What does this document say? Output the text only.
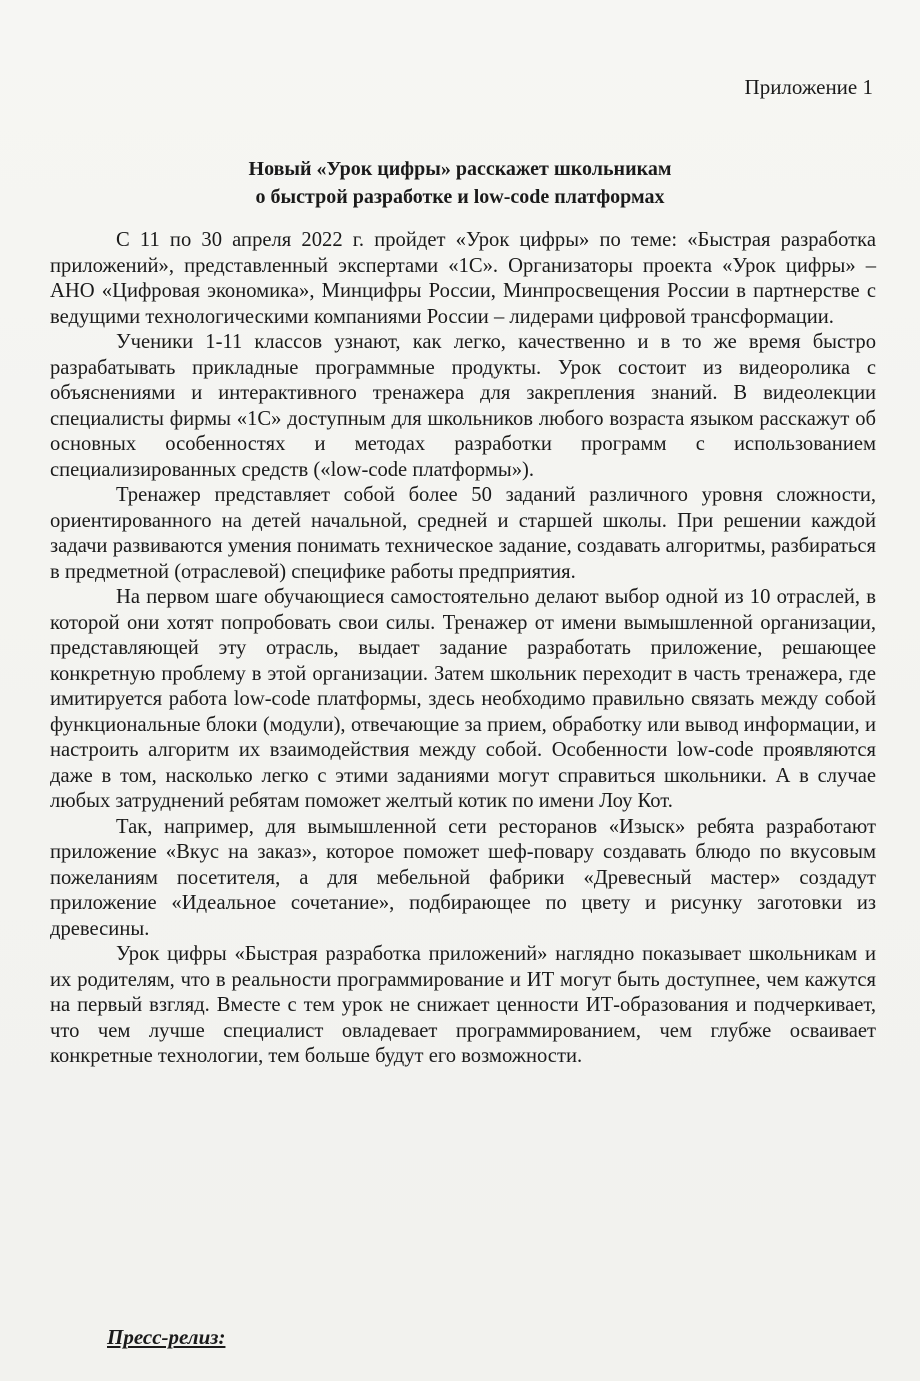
Приложение 1
Новый «Урок цифры» расскажет школьникам
о быстрой разработке и low-code платформах

С 11 по 30 апреля 2022 г. пройдет «Урок цифры» по теме: «Быстрая разработка приложений», представленный экспертами «1С». Организаторы проекта «Урок цифры» – АНО «Цифровая экономика», Минцифры России, Минпросвещения России в партнерстве с ведущими технологическими компаниями России – лидерами цифровой трансформации.

Ученики 1-11 классов узнают, как легко, качественно и в то же время быстро разрабатывать прикладные программные продукты. Урок состоит из видеоролика с объяснениями и интерактивного тренажера для закрепления знаний. В видеолекции специалисты фирмы «1С» доступным для школьников любого возраста языком расскажут об основных особенностях и методах разработки программ с использованием специализированных средств («low-code платформы»).

Тренажер представляет собой более 50 заданий различного уровня сложности, ориентированного на детей начальной, средней и старшей школы. При решении каждой задачи развиваются умения понимать техническое задание, создавать алгоритмы, разбираться в предметной (отраслевой) специфике работы предприятия.

На первом шаге обучающиеся самостоятельно делают выбор одной из 10 отраслей, в которой они хотят попробовать свои силы. Тренажер от имени вымышленной организации, представляющей эту отрасль, выдает задание разработать приложение, решающее конкретную проблему в этой организации. Затем школьник переходит в часть тренажера, где имитируется работа low-code платформы, здесь необходимо правильно связать между собой функциональные блоки (модули), отвечающие за прием, обработку или вывод информации, и настроить алгоритм их взаимодействия между собой. Особенности low-code проявляются даже в том, насколько легко с этими заданиями могут справиться школьники. А в случае любых затруднений ребятам поможет желтый котик по имени Лоу Кот.

Так, например, для вымышленной сети ресторанов «Изыск» ребята разработают приложение «Вкус на заказ», которое поможет шеф-повару создавать блюдо по вкусовым пожеланиям посетителя, а для мебельной фабрики «Древесный мастер» создадут приложение «Идеальное сочетание», подбирающее по цвету и рисунку заготовки из древесины.

Урок цифры «Быстрая разработка приложений» наглядно показывает школьникам и их родителям, что в реальности программирование и ИТ могут быть доступнее, чем кажутся на первый взгляд. Вместе с тем урок не снижает ценности ИТ-образования и подчеркивает, что чем лучше специалист овладевает программированием, чем глубже осваивает конкретные технологии, тем больше будут его возможности.

Пресс-релиз:
